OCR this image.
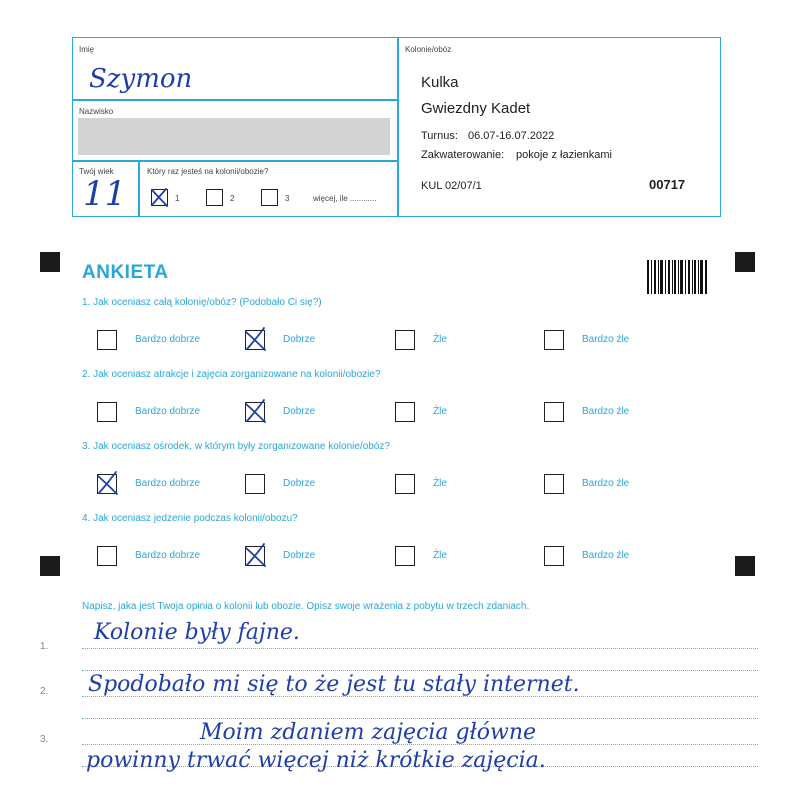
Imię
Szymon
Nazwisko
Twój wiek
11
Który raz jesteś na kolonii/obozie?
1	2	3	więcej, ile ............
Kolonie/obóz
Kulka
Gwiezdny Kadet
Turnus: 06.07-16.07.2022
Zakwaterowanie: pokoje z łazienkami
KUL 02/07/1	00717
ANKIETA
1. Jak oceniasz całą kolonię/obóz? (Podobało Ci się?)
Bardzo dobrze	Dobrze	Źle	Bardzo źle
2. Jak oceniasz atrakcje i zajęcia zorganizowane na kolonii/obozie?
Bardzo dobrze	Dobrze	Źle	Bardzo źle
3. Jak oceniasz ośrodek, w którym były zorganizowane kolonie/obóz?
Bardzo dobrze	Dobrze	Źle	Bardzo źle
4. Jak oceniasz jedzenie podczas kolonii/obozu?
Bardzo dobrze	Dobrze	Źle	Bardzo źle
Napisz, jaka jest Twoja opinia o kolonii lub obozie. Opisz swoje wrażenia z pobytu w trzech zdaniach.
1.
2.
3.
Kolonie były fajne.
Spodobało mi się to że jest tu stały internet.
Moim zdaniem zajęcia główne
powinny trwać więcej niż krótkie zajęcia.
